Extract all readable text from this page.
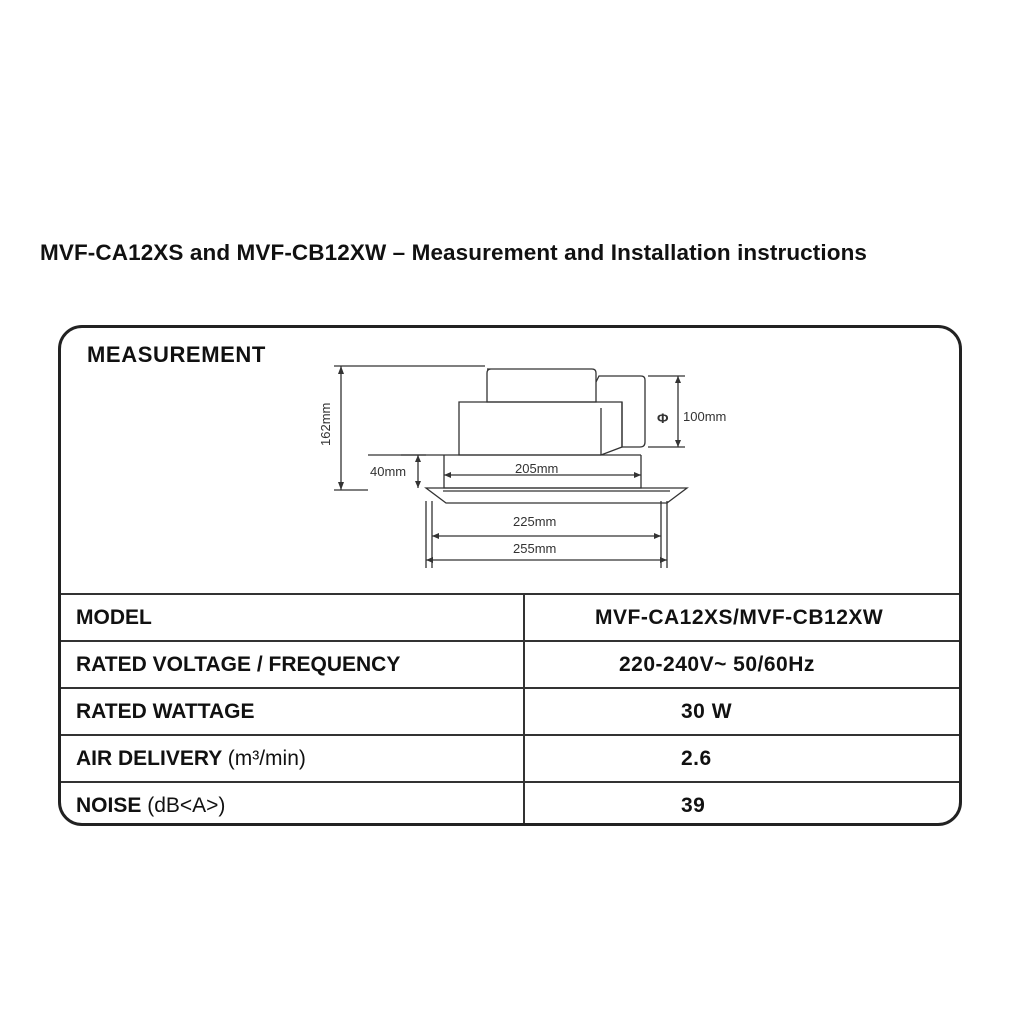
MVF-CA12XS and MVF-CB12XW – Measurement and Installation instructions
MEASUREMENT
162mm
40mm
Φ 100mm
205mm
225mm
255mm
MODEL	MVF-CA12XS/MVF-CB12XW
RATED VOLTAGE / FREQUENCY	220-240V~ 50/60Hz
RATED WATTAGE	30 W
AIR DELIVERY (m³/min)	2.6
NOISE (dB<A>)	39
